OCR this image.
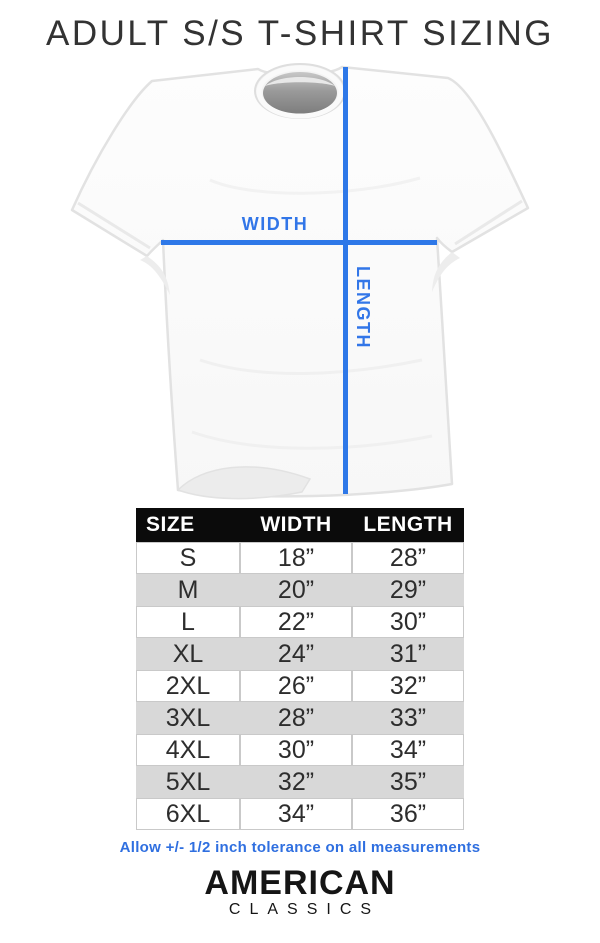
ADULT S/S T-SHIRT SIZING
WIDTH
LENGTH
SIZE	WIDTH	LENGTH
S	18”	28”
M	20”	29”
L	22”	30”
XL	24”	31”
2XL	26”	32”
3XL	28”	33”
4XL	30”	34”
5XL	32”	35”
6XL	34”	36”
Allow +/- 1/2 inch tolerance on all measurements
AMERICAN
CLASSICS
